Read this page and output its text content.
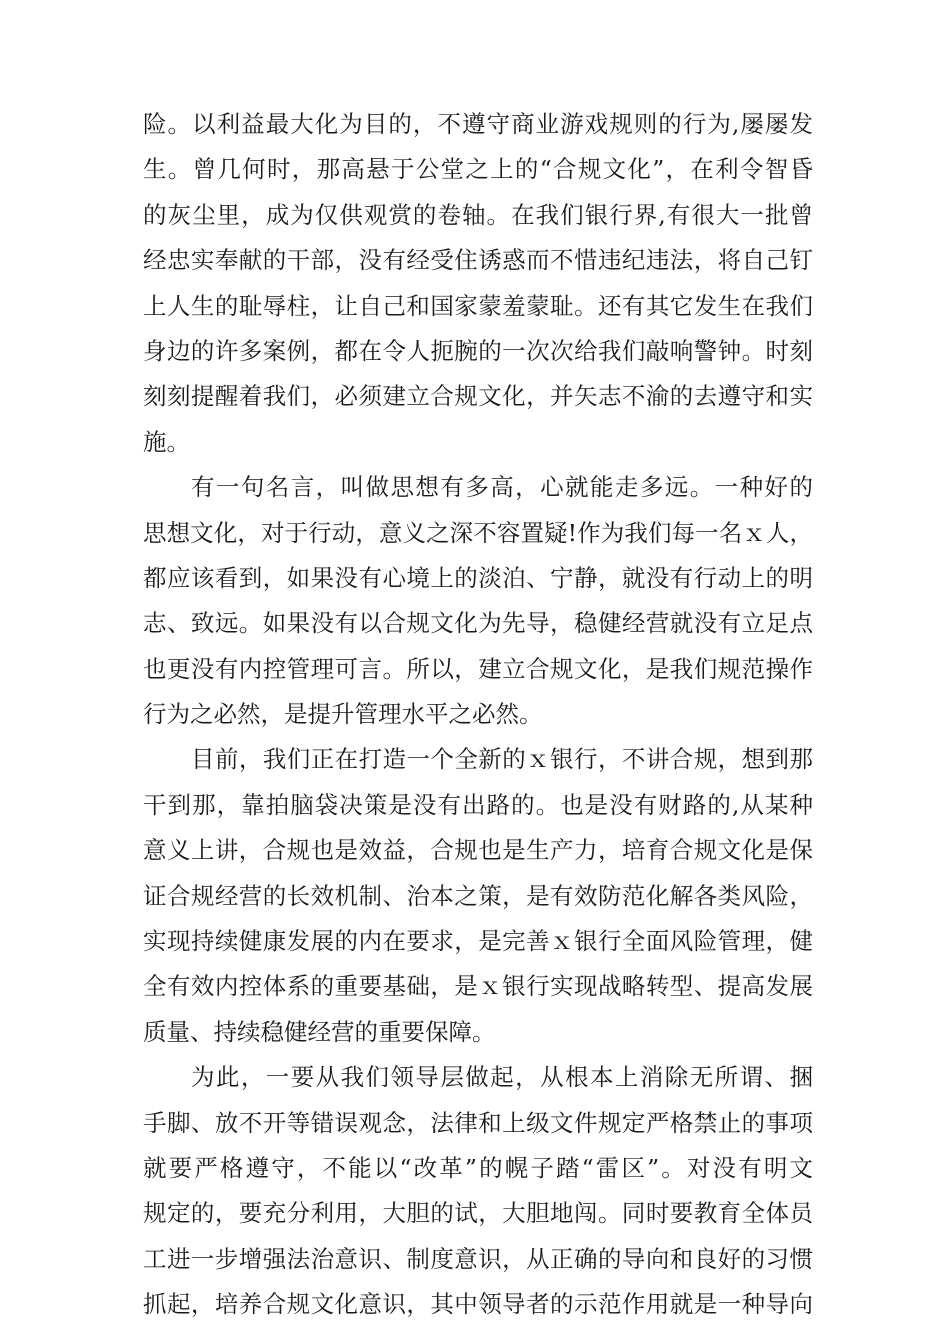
险。以利益最大化为目的，不遵守商业游戏规则的行为,屡屡发
生。曾几何时，那高悬于公堂之上的“合规文化”，在利令智昏
的灰尘里，成为仅供观赏的卷轴。在我们银行界,有很大一批曾
经忠实奉献的干部，没有经受住诱惑而不惜违纪违法，将自己钉
上人生的耻辱柱，让自己和国家蒙羞蒙耻。还有其它发生在我们
身边的许多案例，都在令人扼腕的一次次给我们敲响警钟。时刻
刻刻提醒着我们，必须建立合规文化，并矢志不渝的去遵守和实
施。
有一句名言，叫做思想有多高，心就能走多远。一种好的
思想文化，对于行动，意义之深不容置疑!作为我们每一名ｘ人，
都应该看到，如果没有心境上的淡泊、宁静，就没有行动上的明
志、致远。如果没有以合规文化为先导，稳健经营就没有立足点
也更没有内控管理可言。所以，建立合规文化，是我们规范操作
行为之必然，是提升管理水平之必然。
目前，我们正在打造一个全新的ｘ银行，不讲合规，想到那
干到那，靠拍脑袋决策是没有出路的。也是没有财路的,从某种
意义上讲，合规也是效益，合规也是生产力，培育合规文化是保
证合规经营的长效机制、治本之策，是有效防范化解各类风险，
实现持续健康发展的内在要求，是完善ｘ银行全面风险管理，健
全有效内控体系的重要基础，是ｘ银行实现战略转型、提高发展
质量、持续稳健经营的重要保障。
为此，一要从我们领导层做起，从根本上消除无所谓、捆
手脚、放不开等错误观念，法律和上级文件规定严格禁止的事项
就要严格遵守，不能以“改革”的幌子踏“雷区”。对没有明文
规定的，要充分利用，大胆的试，大胆地闯。同时要教育全体员
工进一步增强法治意识、制度意识，从正确的导向和良好的习惯
抓起，培养合规文化意识，其中领导者的示范作用就是一种导向
